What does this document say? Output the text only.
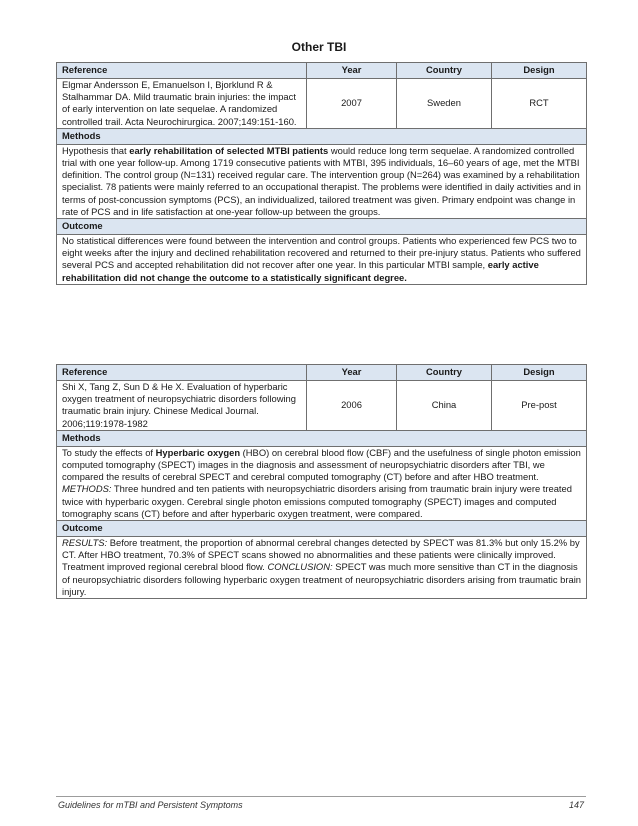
Other TBI
Reference	Year	Country	Design
Elgmar Andersson E, Emanuelson I, Bjorklund R & Stalhammar DA. Mild traumatic brain injuries: the impact of early intervention on late sequelae. A randomized controlled trail. Acta Neurochirurgica. 2007;149:151-160.	2007	Sweden	RCT
Methods			
Hypothesis that early rehabilitation of selected MTBI patients would reduce long term sequelae. A randomized controlled trial with one year follow-up. Among 1719 consecutive patients with MTBI, 395 individuals, 16–60 years of age, met the MTBI definition. The control group (N=131) received regular care. The intervention group (N=264) was examined by a rehabilitation specialist. 78 patients were mainly referred to an occupational therapist. The problems were identified in daily activities and in terms of post-concussion symptoms (PCS), an individualized, tailored treatment was given. Primary endpoint was change in rate of PCS and in life satisfaction at one-year follow-up between the groups.			
Outcome			
No statistical differences were found between the intervention and control groups. Patients who experienced few PCS two to eight weeks after the injury and declined rehabilitation recovered and returned to their pre-injury status. Patients who suffered several PCS and accepted rehabilitation did not recover after one year. In this particular MTBI sample, early active rehabilitation did not change the outcome to a statistically significant degree.			
Reference	Year	Country	Design
Shi X, Tang Z, Sun D & He X. Evaluation of hyperbaric oxygen treatment of neuropsychiatric disorders following traumatic brain injury. Chinese Medical Journal. 2006;119:1978-1982	2006	China	Pre-post
Methods			
To study the effects of Hyperbaric oxygen (HBO) on cerebral blood flow (CBF) and the usefulness of single photon emission computed tomography (SPECT) images in the diagnosis and assessment of neuropsychiatric disorders after TBI, we compared the results of cerebral SPECT and cerebral computed tomography (CT) before and after HBO treatment. METHODS: Three hundred and ten patients with neuropsychiatric disorders arising from traumatic brain injury were treated twice with hyperbaric oxygen. Cerebral single photon emissions computed tomography (SPECT) images and computed tomography scans (CT) before and after hyperbaric oxygen treatment, were compared.			
Outcome			
RESULTS: Before treatment, the proportion of abnormal cerebral changes detected by SPECT was 81.3% but only 15.2% by CT. After HBO treatment, 70.3% of SPECT scans showed no abnormalities and these patients were clinically improved. Treatment improved regional cerebral blood flow. CONCLUSION: SPECT was much more sensitive than CT in the diagnosis of neuropsychiatric disorders following hyperbaric oxygen treatment of neuropsychiatric disorders arising from traumatic brain injury.			
Guidelines for mTBI and Persistent Symptoms	147
